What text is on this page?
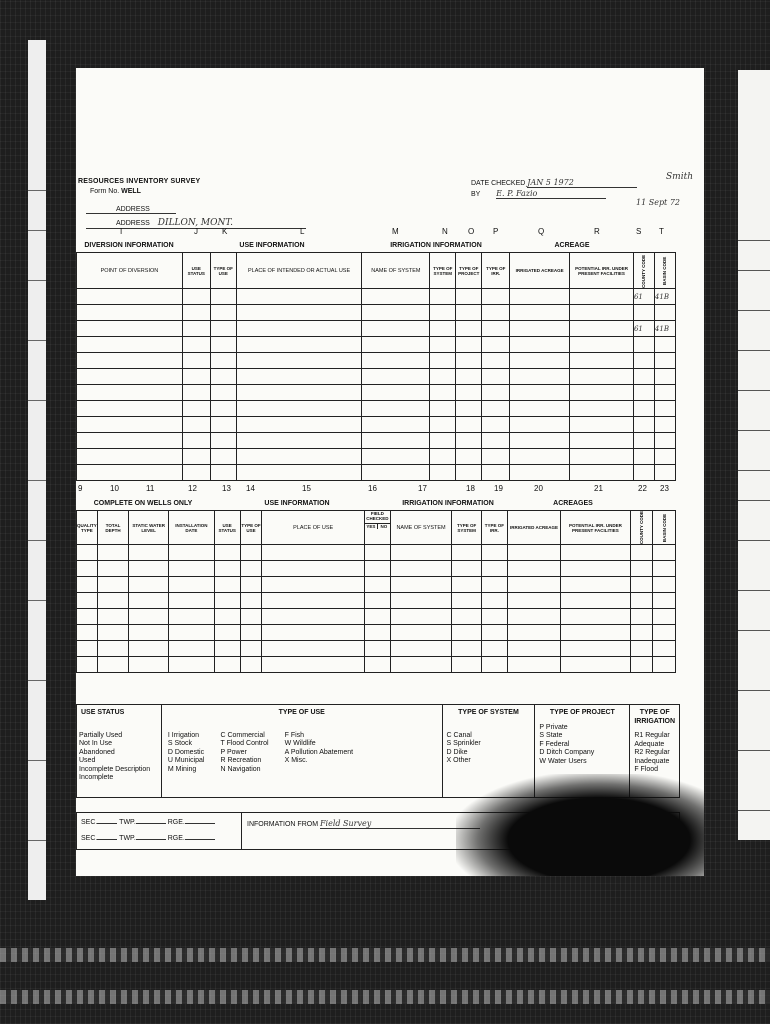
RESOURCES INVENTORY SURVEY
Form No. WELL
ADDRESS
ADDRESS DILLON, MONT.
DATE CHECKED JAN 5 1972
BY E. P. Fazio
Smith
11 Sept 72
I	J	K	L	M	N	O P	Q	R	S T
DIVERSION INFORMATION	USE INFORMATION	IRRIGATION INFORMATION	ACREAGE
POINT OF DIVERSION	USE STATUS	TYPE OF USE	PLACE OF INTENDED OR ACTUAL USE	NAME OF SYSTEM	TYPE OF SYSTEM	TYPE OF PROJECT	TYPE OF IRR.	IRRIGATED ACREAGE	POTENTIAL IRR. UNDER PRESENT FACILITIES	COUNTY CODE	BASIN CODE
										61	41B

										61	41B

9	10	11	12	13 14	15	16	17	18 19	20	21	22 23
COMPLETE ON WELLS ONLY	USE INFORMATION	IRRIGATION INFORMATION	ACREAGES
QUALITY TYPE	TOTAL DEPTH	STATIC WATER LEVEL	INSTALLATION DATE	USE STATUS	TYPE OF USE	PLACE OF USE	FIELD CHECKED
YES NO	NAME OF SYSTEM	TYPE OF SYSTEM	TYPE OF IRR.	IRRIGATED ACREAGE	POTENTIAL IRR. UNDER PRESENT FACILITIES	COUNTY CODE	BASIN CODE

USE STATUS
Partially Used
Not In Use
Abandoned
Used
Incomplete Description
Incomplete
TYPE OF USE
I Irrigation
S Stock
D Domestic
U Municipal
M Mining
C Commercial
T Flood Control
P Power
R Recreation
N Navigation
F Fish
W Wildlife
A Pollution Abatement
X Misc.
TYPE OF SYSTEM
C Canal
S Sprinkler
D Dike
X Other
TYPE OF PROJECT
P Private
S State
F Federal
D Ditch Company
W Water Users
TYPE OF IRRIGATION
R1 Regular Adequate
R2 Regular Inadequate
F Flood
SEC.	TWP.	RGE.
SEC.	TWP.	RGE.
INFORMATION FROM Field Survey
